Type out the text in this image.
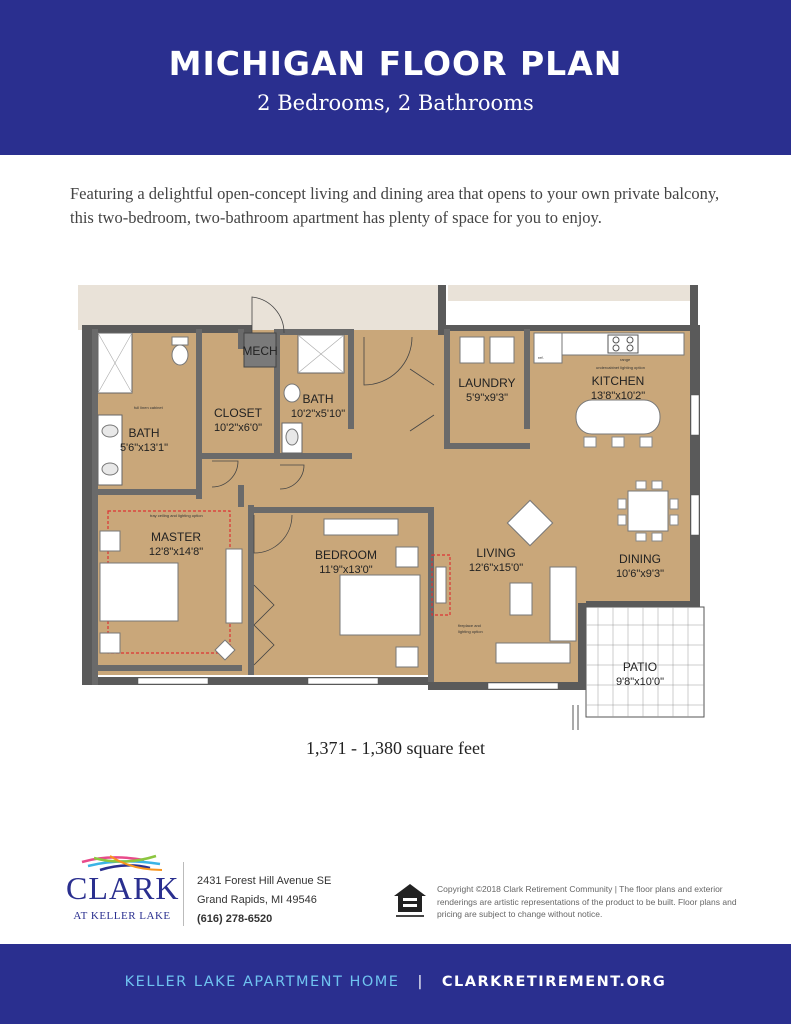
MICHIGAN FLOOR PLAN
2 Bedrooms, 2 Bathrooms
Featuring a delightful open-concept living and dining area that opens to your own private balcony, this two-bedroom, two-bathroom apartment has plenty of space for you to enjoy.
MECH
BATH
5'6"x13'1"
CLOSET
10'2"x6'0"
BATH
10'2"x5'10"
LAUNDRY
5'9"x9'3"
KITCHEN
13'8"x10'2"
MASTER
12'8"x14'8"	BEDROOM
11'9"x13'0"
LIVING
12'6"x15'0"
DINING
10'6"x9'3"
PATIO
9'8"x10'0"
full linen cabinet
tray ceiling and lighting option
range
undercabinet lighting option
ref.
fireplace and
lighting option
1,371 - 1,380 square feet
CLARK
AT KELLER LAKE
2431 Forest Hill Avenue SE
Grand Rapids, MI 49546
(616) 278-6520
Copyright ©2018 Clark Retirement Community | The floor plans and exterior renderings are artistic representations of the product to be built. Floor plans and pricing are subject to change without notice.
KELLER LAKE APARTMENT HOME | CLARKRETIREMENT.ORG
